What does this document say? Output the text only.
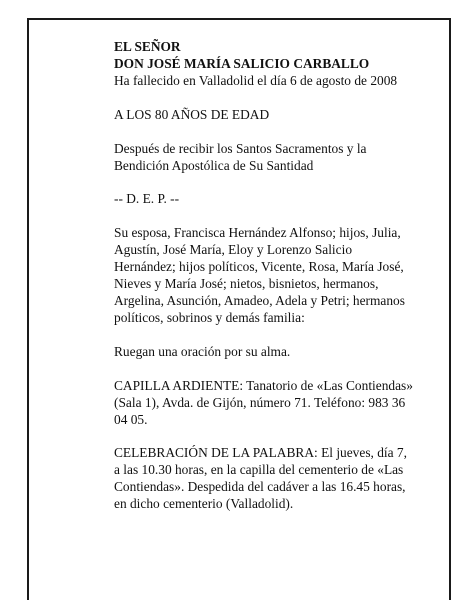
EL SEÑOR

DON JOSÉ MARÍA SALICIO CARBALLO

Ha fallecido en Valladolid el día 6 de agosto de 2008

A LOS 80 AÑOS DE EDAD

Después de recibir los Santos Sacramentos y la Bendición Apostólica de Su Santidad

-- D. E. P. --

Su esposa, Francisca Hernández Alfonso; hijos, Julia, Agustín, José María, Eloy y Lorenzo Salicio Hernández; hijos políticos, Vicente, Rosa, María José, Nieves y María José; nietos, bisnietos, hermanos, Argelina, Asunción, Amadeo, Adela y Petri; hermanos políticos, sobrinos y demás familia:

Ruegan una oración por su alma.

CAPILLA ARDIENTE: Tanatorio de «Las Contiendas» (Sala 1), Avda. de Gijón, número 71. Teléfono: 983 36 04 05.

CELEBRACIÓN DE LA PALABRA: El jueves, día 7, a las 10.30 horas, en la capilla del cementerio de «Las Contiendas». Despedida del cadáver a las 16.45 horas, en dicho cementerio (Valladolid).
